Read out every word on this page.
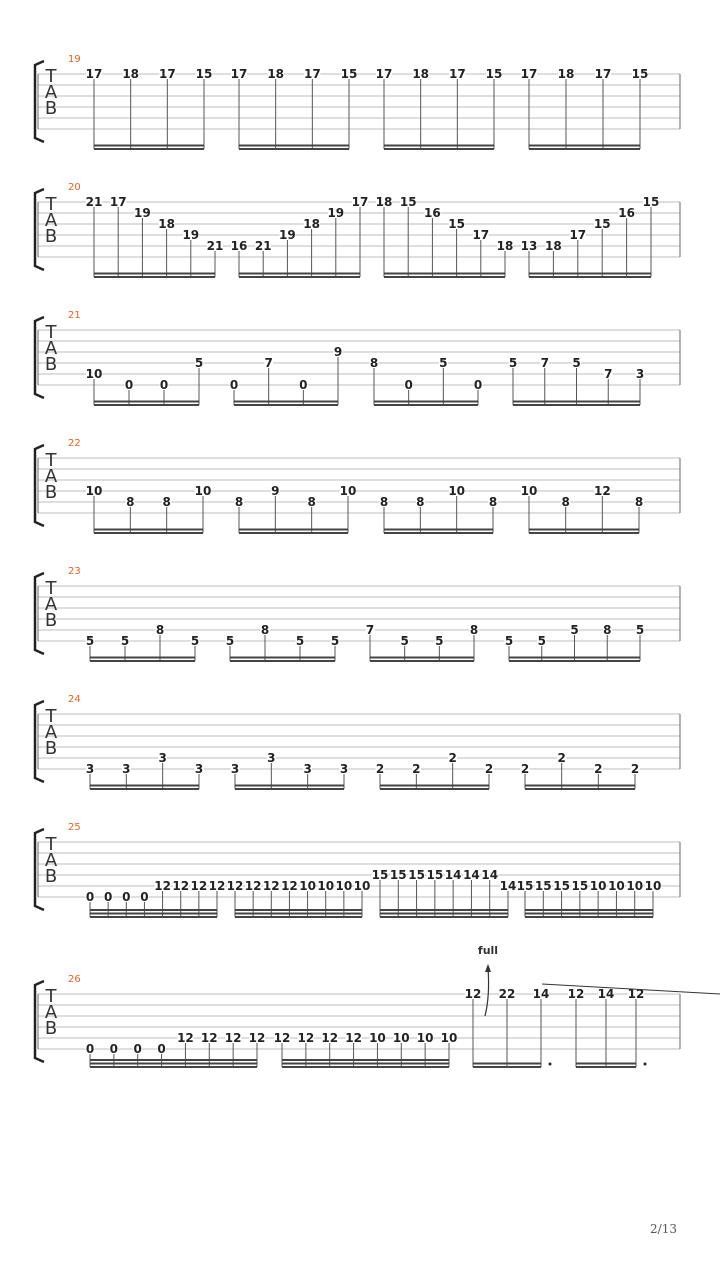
T
A
B
19
17 18 17 15 17 18 17 15 17 18 17 15 17 18 17 15
T
A
B
20
21 17
19
18
19
21 16 21
19
18
19
17 18 15
16
15
17
18 13 18
17
15
16
15
T
A
B
21
10
0 0
5
0
7
0
9
8
0
5
0
5 7 5
7 3
T
A
B
22
10
8 8
10
8
9
8
10
8 8
10
8
10
8
12
8
T
A
B
23
5 5
8
5 5
8
5 5
7
5 5
8
5 5
5 8 5
T
A
B
24
3 3
3
3 3
3
3 3 2 2
2
2 2
2
2 2
T
A
B
25
0 0 0 0
12 12 12 12 12 12 12 12 10 10 10 10
15 15 15 15 14 14 14
14 15 15 15 15 10 10 10 10
T
A
B
26
0 0 0 0
12 12 12 12 12 12 12 12 10 10 10 10
12 22 14 12 14 12
full
2/13
